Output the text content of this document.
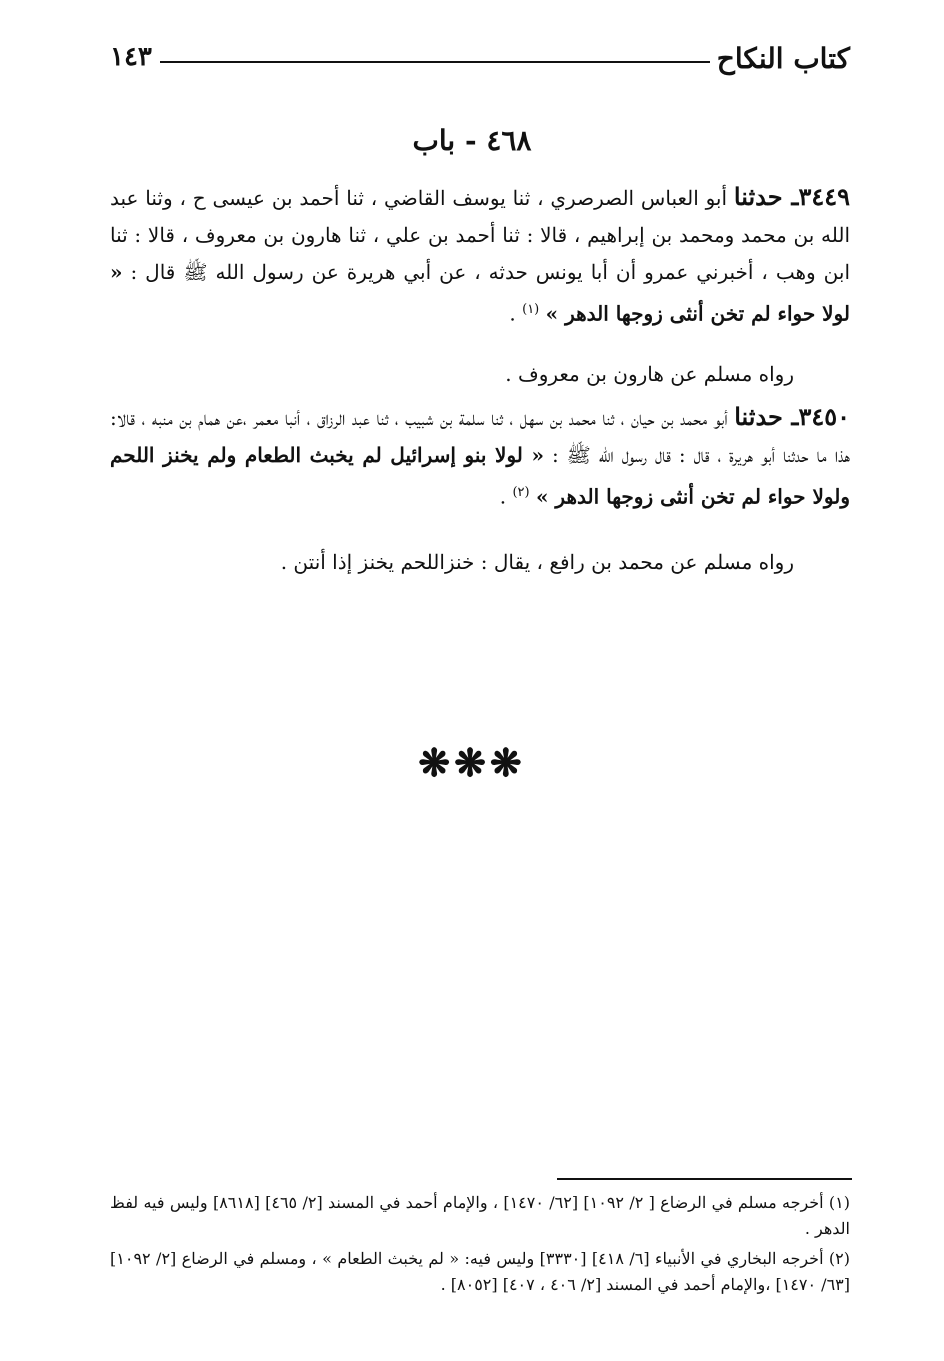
كتاب النكاح
١٤٣
٤٦٨ - باب
٣٤٤٩ـ حدثنا أبو العباس الصرصري ، ثنا يوسف القاضي ، ثنا أحمد بن عيسى ح ، وثنا عبد الله بن محمد ومحمد بن إبراهيم ، قالا : ثنا أحمد بن علي ، ثنا هارون بن معروف ، قالا : ثنا ابن وهب ، أخبرني عمرو أن أبا يونس حدثه ، عن أبي هريرة عن رسول الله ﷺ قال : « لولا حواء لم تخن أنثى زوجها الدهر » $^{(١)}$ .
رواه مسلم عن هارون بن معروف .
٣٤٥٠ـ حدثنا أبو محمد بن حيان ، ثنا محمد بن سهل ، ثنا سلمة بن شبيب ، ثنا عبد الرزاق ، أنبا معمر ،عن همام بن منبه ، قالا: هذا ما حدثنا أبو هريرة ، قال : قال رسول الله ﷺ : « لولا بنو إسرائيل لم يخبث الطعام ولم يخنز اللحم ولولا حواء لم تخن أنثى زوجها الدهر » $^{(٢)}$ .
رواه مسلم عن محمد بن رافع ، يقال : خنزاللحم يخنز إذا أنتن .
❋❋❋

(١) أخرجه مسلم في الرضاع [ ٢/ ١٠٩٢] [٦٢/ ١٤٧٠] ، والإمام أحمد في المسند [٢/ ٤٦٥] [٨٦١٨] وليس فيه لفظ الدهر .

(٢) أخرجه البخاري في الأنبياء [٦/ ٤١٨] [٣٣٣٠] وليس فيه: « لم يخبث الطعام » ، ومسلم في الرضاع [٢/ ١٠٩٢] [٦٣/ ١٤٧٠] ،والإمام أحمد في المسند [٢/ ٤٠٦ ، ٤٠٧] [٨٠٥٢] .
